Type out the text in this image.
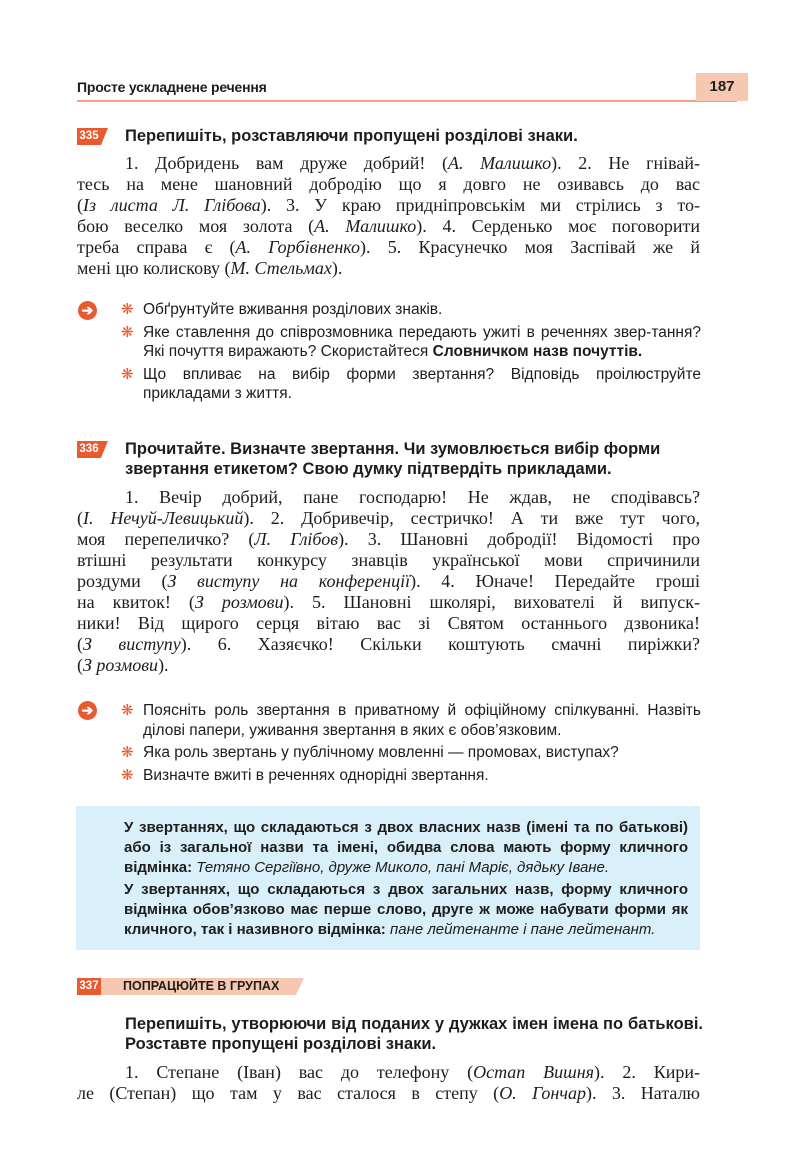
Просте ускладнене речення	187
335 Перепишіть, розставляючи пропущені розділові знаки.

1. Добридень вам друже добрий! (А. Малишко). 2. Не гнівай-

тесь на мене шановний добродію що я довго не озивавсь до вас

(Із листа Л. Глібова). 3. У краю придніпровськім ми стрілись з то-

бою веселко моя золота (А. Малишко). 4. Серденько моє поговорити

треба справа є (А. Горбівненко). 5. Красунечко моя Заспівай же й

мені цю колискову (М. Стельмах).

➔ ❋ Обґрунтуйте вживання розділових знаків.
❋ Яке ставлення до співрозмовника передають ужиті в реченнях звер-тання? Які почуття виражають? Скористайтеся Словничком назв почуттів.
❋ Що впливає на вибір форми звертання? Відповідь проілюструйте прикладами з життя.
336 Прочитайте. Визначте звертання. Чи зумовлюється вибір форми звертання етикетом? Свою думку підтвердіть прикладами.

1. Вечір добрий, пане господарю! Не ждав, не сподівавсь?

(І. Нечуй-Левицький). 2. Добривечір, сестричко! А ти вже тут чого,

моя перепеличко? (Л. Глібов). 3. Шановні добродії! Відомості про

втішні результати конкурсу знавців української мови спричинили

роздуми (З виступу на конференції). 4. Юначе! Передайте гроші

на квиток! (З розмови). 5. Шановні школярі, вихователі й випуск-

ники! Від щирого серця вітаю вас зі Святом останнього дзвоника!

(З виступу). 6. Хазяєчко! Скільки коштують смачні пиріжки?

(З розмови).

➔ ❋ Поясніть роль звертання в приватному й офіційному спілкуванні. Назвіть ділові папери, уживання звертання в яких є обов’язковим.
❋ Яка роль звертань у публічному мовленні — промовах, виступах?
❋ Визначте вжиті в реченнях однорідні звертання.

У звертаннях, що складаються з двох власних назв (імені та по батькові) або із загальної назви та імені, обидва слова мають форму кличного відмінка: Тетяно Сергіївно, друже Миколо, пані Маріє, дядьку Іване.

У звертаннях, що складаються з двох загальних назв, форму кличного відмінка обов’язково має перше слово, друге ж може набувати форми як кличного, так і називного відмінка: пане лейтенанте і пане лейтенант.

337	ПОПРАЦЮЙТЕ В ГРУПАХ
Перепишіть, утворюючи від поданих у дужках імен імена по батькові. Розставте пропущені розділові знаки.

1. Степане (Іван) вас до телефону (Остап Вишня). 2. Кири-

ле (Степан) що там у вас сталося в степу (О. Гончар). 3. Наталю
